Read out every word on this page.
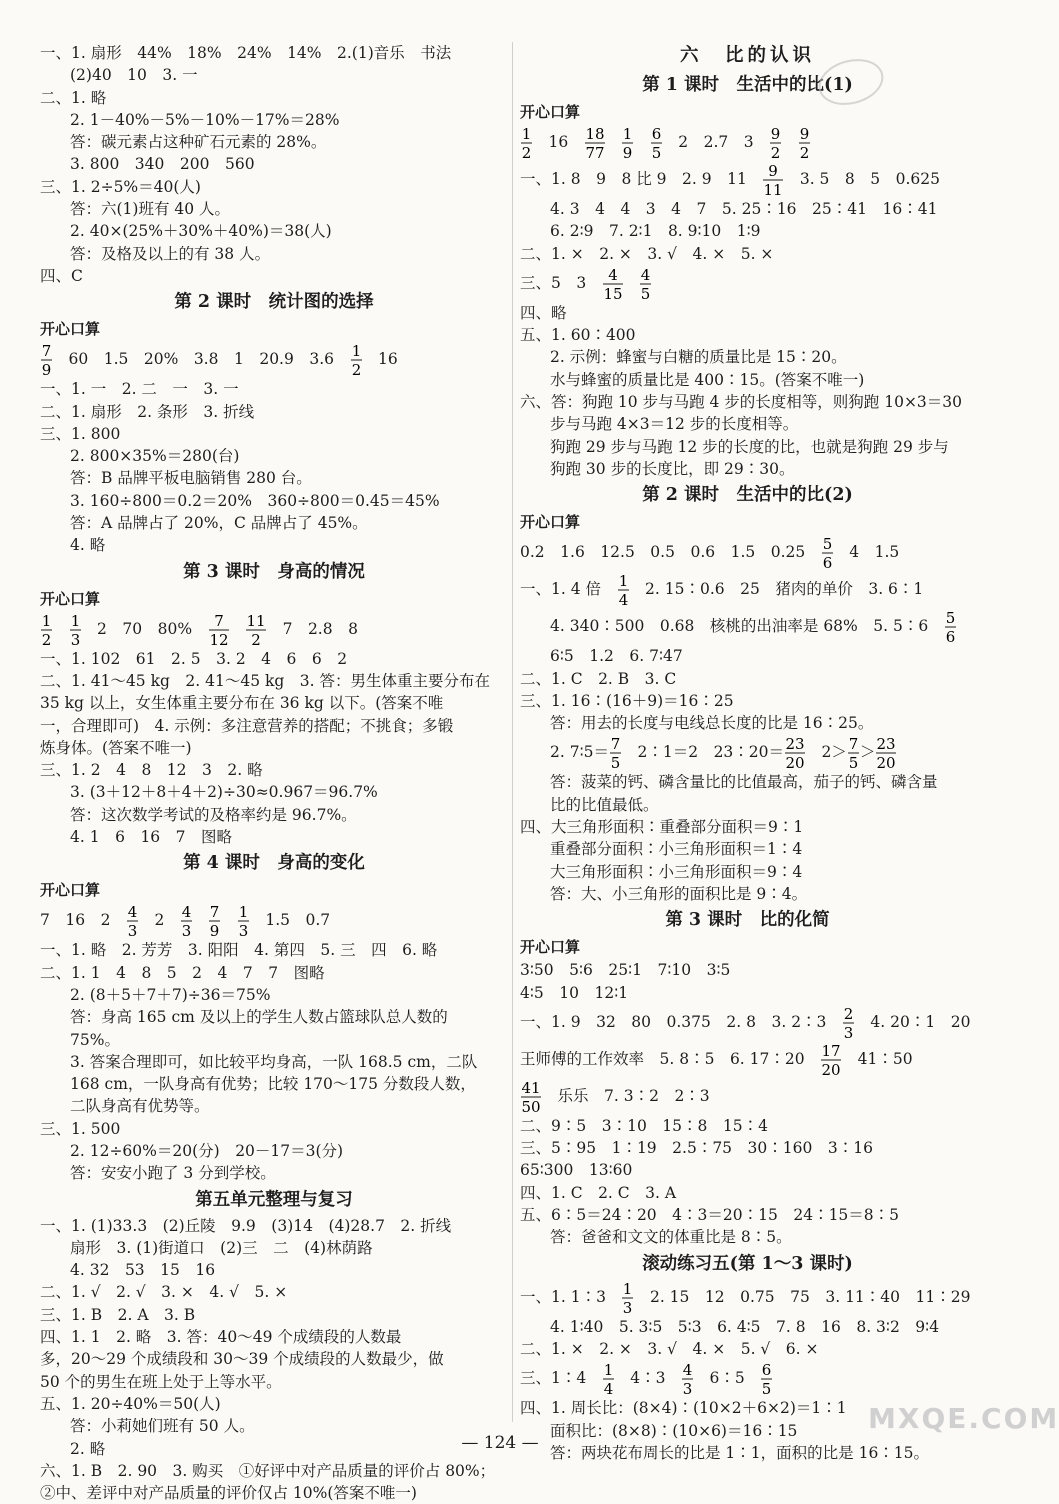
一、1. 扇形　44%　18%　24%　14%　2.(1)音乐　书法
(2)40　10　3. 一
二、1. 略
2. 1－40%－5%－10%－17%＝28%
答：碳元素占这种矿石元素的 28%。
3. 800　340　200　560
三、1. 2÷5%＝40(人)
答：六(1)班有 40 人。
2. 40×(25%＋30%＋40%)＝38(人)
答：及格及以上的有 38 人。
四、C
第 2 课时　统计图的选择
开心口算
7
9
　60　1.5　20%　3.8　1　20.9　3.6　 1
2
　16
一、1. 一　2. 二　一　3. 一
二、1. 扇形　2. 条形　3. 折线
三、1. 800
2. 800×35%＝280(台)
答：B 品牌平板电脑销售 280 台。
3. 160÷800＝0.2＝20%　360÷800＝0.45＝45%
答：A 品牌占了 20%，C 品牌占了 45%。
4. 略
第 3 课时　身高的情况
开心口算
1
2

1
3
　2　70　80%　 7
12

11
2
　7　2.8　8
一、1. 102　61　2. 5　3. 2　4　6　6　2
二、1. 41～45 kg　2. 41～45 kg　3. 答：男生体重主要分布在
35 kg 以上，女生体重主要分布在 36 kg 以下。(答案不唯
一，合理即可)　4. 示例：多注意营养的搭配；不挑食；多锻
炼身体。(答案不唯一)
三、1. 2　4　8　12　3　2. 略
3. (3＋12＋8＋4＋2)÷30≈0.967＝96.7%
答：这次数学考试的及格率约是 96.7%。
4. 1　6　16　7　图略
第 4 课时　身高的变化
开心口算
7　16　2　 4
3
　2　 4
3

7
9

1
3
　1.5　0.7
一、1. 略　2. 芳芳　3. 阳阳　4. 第四　5. 三　四　6. 略
二、1. 1　4　8　5　2　4　7　7　图略
2. (8＋5＋7＋7)÷36＝75%
答：身高 165 cm 及以上的学生人数占篮球队总人数的
75%。
3. 答案合理即可，如比较平均身高，一队 168.5 cm，二队
168 cm，一队身高有优势；比较 170～175 分数段人数，
二队身高有优势等。
三、1. 500
2. 12÷60%＝20(分)　20－17＝3(分)
答：安安小跑了 3 分到学校。
第五单元整理与复习
一、1. (1)33.3　(2)丘陵　9.9　(3)14　(4)28.7　2. 折线
扇形　3. (1)街道口　(2)三　二　(4)林荫路
4. 32　53　15　16
二、1. √　2. √　3. ×　4. √　5. ×
三、1. B　2. A　3. B
四、1. 1　2. 略　3. 答：40～49 个成绩段的人数最
多，20～29 个成绩段和 30～39 个成绩段的人数最少，做
50 个的男生在班上处于上等水平。
五、1. 20÷40%＝50(人)
答：小莉她们班有 50 人。
2. 略
六、1. B　2. 90　3. 购买　①好评中对产品质量的评价占 80%；
②中、差评中对产品质量的评价仅占 10%(答案不唯一)
六　比的认识
第 1 课时　生活中的比(1)
开心口算
1
2
　16　 18
77

1
9

6
5
　2　2.7　3　 9
2

9
2
一、1. 8　9　8 比 9　2. 9　11　 9
11
　3. 5　8　5　0.625
4. 3　4　4　3　4　7　5. 25∶16　25∶41　16∶41
6. 2∶9　7. 2∶1　8. 9∶10　1∶9
二、1. ×　2. ×　3. √　4. ×　5. ×
三、5　3　 4
15

4
5
四、略
五、1. 60∶400
2. 示例：蜂蜜与白糖的质量比是 15∶20。
水与蜂蜜的质量比是 400∶15。(答案不唯一)
六、答：狗跑 10 步与马跑 4 步的长度相等，则狗跑 10×3＝30
步与马跑 4×3＝12 步的长度相等。
狗跑 29 步与马跑 12 步的长度的比，也就是狗跑 29 步与
狗跑 30 步的长度比，即 29∶30。
第 2 课时　生活中的比(2)
开心口算
0.2　1.6　12.5　0.5　0.6　1.5　0.25　 5
6
　4　1.5
一、1. 4 倍　 1
4
　2. 15∶0.6　25　猪肉的单价　3. 6∶1
4. 340∶500　0.68　核桃的出油率是 68%　5. 5∶6　 5
6
6∶5　1.2　6. 7∶47
二、1. C　2. B　3. C
三、1. 16∶(16＋9)＝16∶25
答：用去的长度与电线总长度的比是 16∶25。
2. 7∶5＝ 7
5
　2∶1＝2　23∶20＝ 23
20
　2＞ 7
5
＞ 23
20
答：菠菜的钙、磷含量比的比值最高，茄子的钙、磷含量
比的比值最低。
四、大三角形面积∶重叠部分面积＝9∶1
重叠部分面积∶小三角形面积＝1∶4
大三角形面积∶小三角形面积＝9∶4
答：大、小三角形的面积比是 9∶4。
第 3 课时　比的化简
开心口算
3∶50　5∶6　25∶1　7∶10　3∶5
4∶5　10　12∶1
一、1. 9　32　80　0.375　2. 8　3. 2∶3　 2
3
　4. 20∶1　20
王师傅的工作效率　5. 8∶5　6. 17∶20　 17
20
　41∶50
41
50
　乐乐　7. 3∶2　2∶3
二、9∶5　3∶10　15∶8　15∶4
三、5∶95　1∶19　2.5∶75　30∶160　3∶16
65∶300　13∶60
四、1. C　2. C　3. A
五、6∶5＝24∶20　4∶3＝20∶15　24∶15＝8∶5
答：爸爸和文文的体重比是 8∶5。
滚动练习五(第 1～3 课时)
一、1. 1∶3　 1
3
　2. 15　12　0.75　75　3. 11∶40　11∶29
4. 1∶40　5. 3∶5　5∶3　6. 4∶5　7. 8　16　8. 3∶2　9∶4
二、1. ×　2. ×　3. √　4. ×　5. √　6. ×
三、1∶4　 1
4
　4∶3　 4
3
　6∶5　 6
5
四、1. 周长比：(8×4)∶(10×2＋6×2)＝1∶1
面积比：(8×8)∶(10×6)＝16∶15
答：两块花布周长的比是 1∶1，面积的比是 16∶15。
— 124 —
MXQE.COM
